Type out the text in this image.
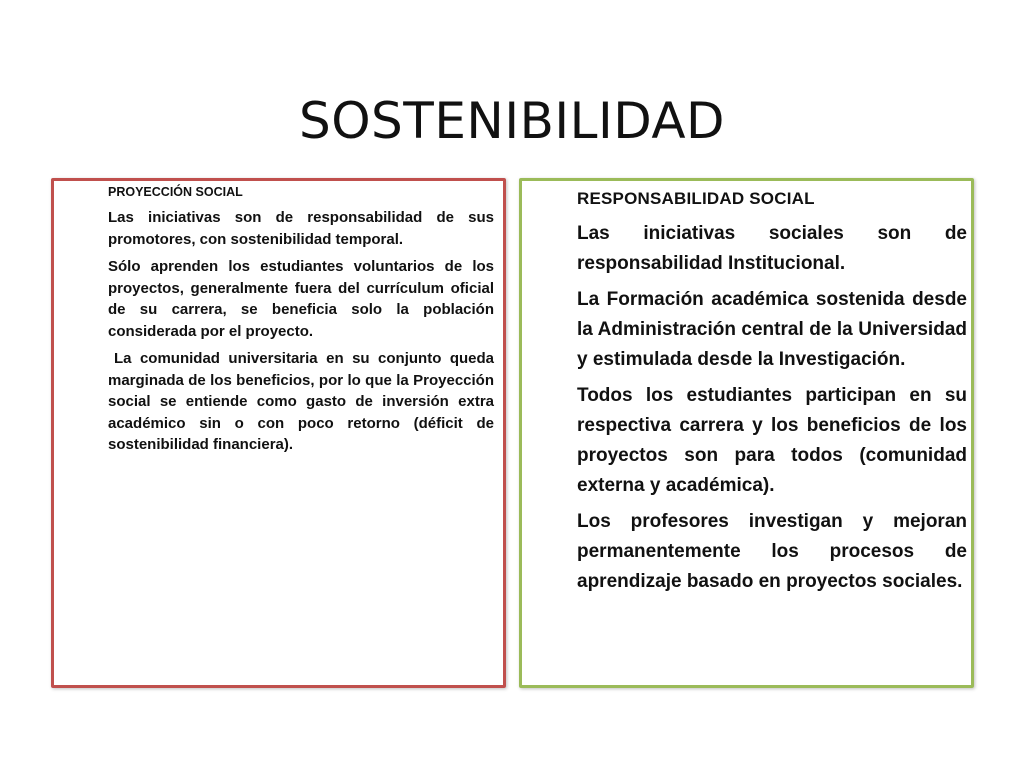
SOSTENIBILIDAD

PROYECCIÓN SOCIAL

Las iniciativas son de responsabilidad de sus promotores, con sostenibilidad temporal.

Sólo aprenden los estudiantes voluntarios de los proyectos, generalmente fuera del currículum oficial de su carrera, se beneficia solo la población considerada por el proyecto.

La comunidad universitaria en su conjunto queda marginada de los beneficios, por lo que la Proyección social se entiende como gasto de inversión extra académico sin o con poco retorno (déficit de sostenibilidad financiera).

RESPONSABILIDAD SOCIAL

Las iniciativas sociales son de responsabilidad Institucional.

La Formación académica sostenida desde la Administración central de la Universidad y estimulada desde la Investigación.

Todos los estudiantes participan en su respectiva carrera y los beneficios de los proyectos son para todos (comunidad externa y académica).

Los profesores investigan y mejoran permanentemente los procesos de aprendizaje basado en proyectos sociales.
